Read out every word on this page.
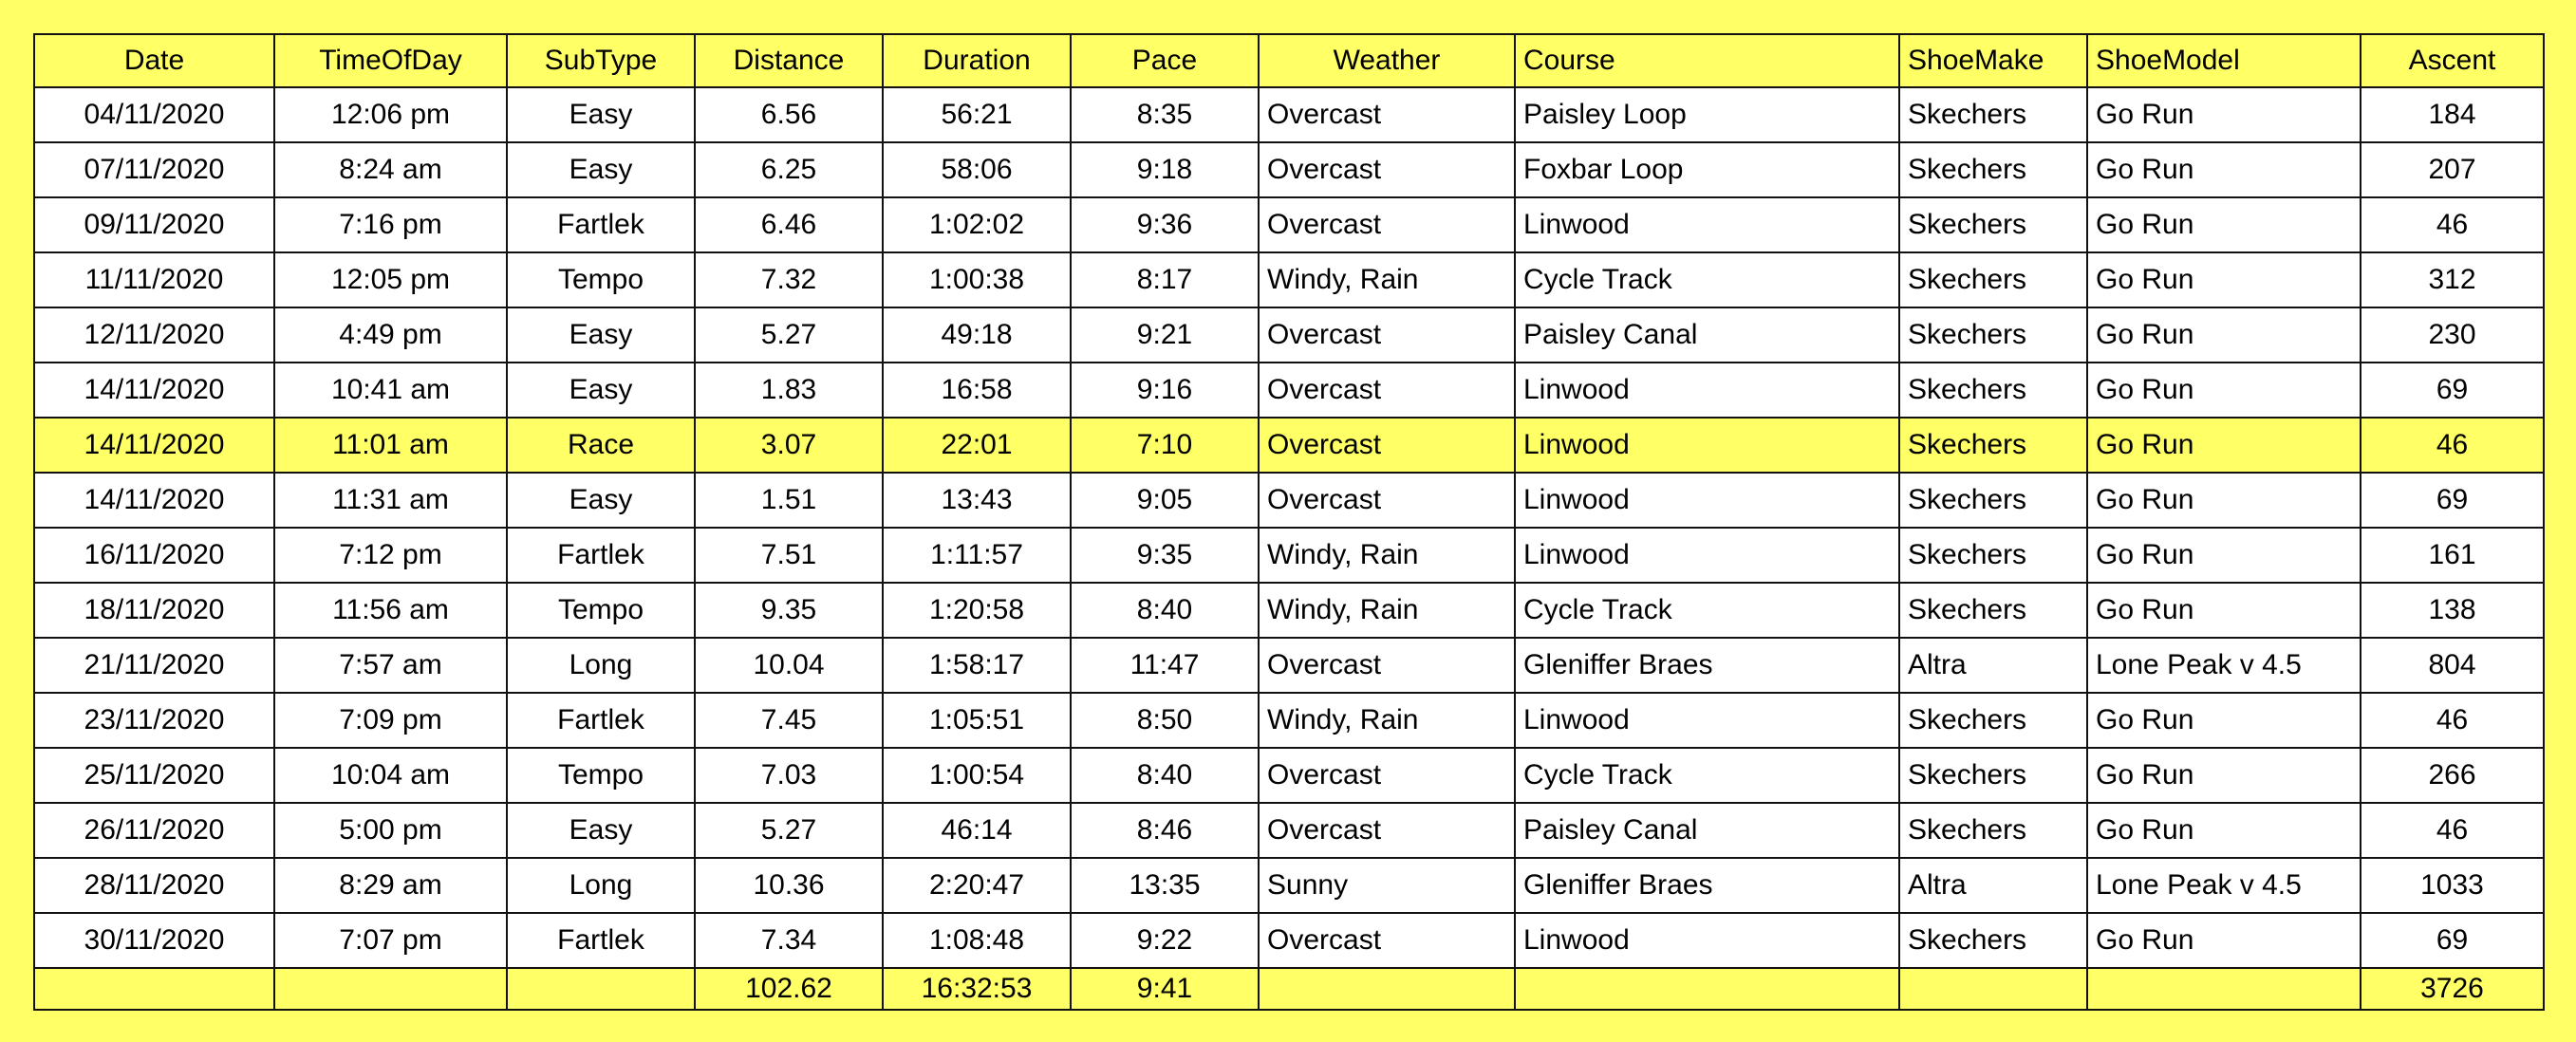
Date	TimeOfDay	SubType	Distance	Duration	Pace	Weather	Course	ShoeMake	ShoeModel	Ascent
04/11/2020	12:06 pm	Easy	6.56	56:21	8:35	Overcast	Paisley Loop	Skechers	Go Run	184
07/11/2020	8:24 am	Easy	6.25	58:06	9:18	Overcast	Foxbar Loop	Skechers	Go Run	207
09/11/2020	7:16 pm	Fartlek	6.46	1:02:02	9:36	Overcast	Linwood	Skechers	Go Run	46
11/11/2020	12:05 pm	Tempo	7.32	1:00:38	8:17	Windy, Rain	Cycle Track	Skechers	Go Run	312
12/11/2020	4:49 pm	Easy	5.27	49:18	9:21	Overcast	Paisley Canal	Skechers	Go Run	230
14/11/2020	10:41 am	Easy	1.83	16:58	9:16	Overcast	Linwood	Skechers	Go Run	69
14/11/2020	11:01 am	Race	3.07	22:01	7:10	Overcast	Linwood	Skechers	Go Run	46
14/11/2020	11:31 am	Easy	1.51	13:43	9:05	Overcast	Linwood	Skechers	Go Run	69
16/11/2020	7:12 pm	Fartlek	7.51	1:11:57	9:35	Windy, Rain	Linwood	Skechers	Go Run	161
18/11/2020	11:56 am	Tempo	9.35	1:20:58	8:40	Windy, Rain	Cycle Track	Skechers	Go Run	138
21/11/2020	7:57 am	Long	10.04	1:58:17	11:47	Overcast	Gleniffer Braes	Altra	Lone Peak v 4.5	804
23/11/2020	7:09 pm	Fartlek	7.45	1:05:51	8:50	Windy, Rain	Linwood	Skechers	Go Run	46
25/11/2020	10:04 am	Tempo	7.03	1:00:54	8:40	Overcast	Cycle Track	Skechers	Go Run	266
26/11/2020	5:00 pm	Easy	5.27	46:14	8:46	Overcast	Paisley Canal	Skechers	Go Run	46
28/11/2020	8:29 am	Long	10.36	2:20:47	13:35	Sunny	Gleniffer Braes	Altra	Lone Peak v 4.5	1033
30/11/2020	7:07 pm	Fartlek	7.34	1:08:48	9:22	Overcast	Linwood	Skechers	Go Run	69
			102.62	16:32:53	9:41					3726
